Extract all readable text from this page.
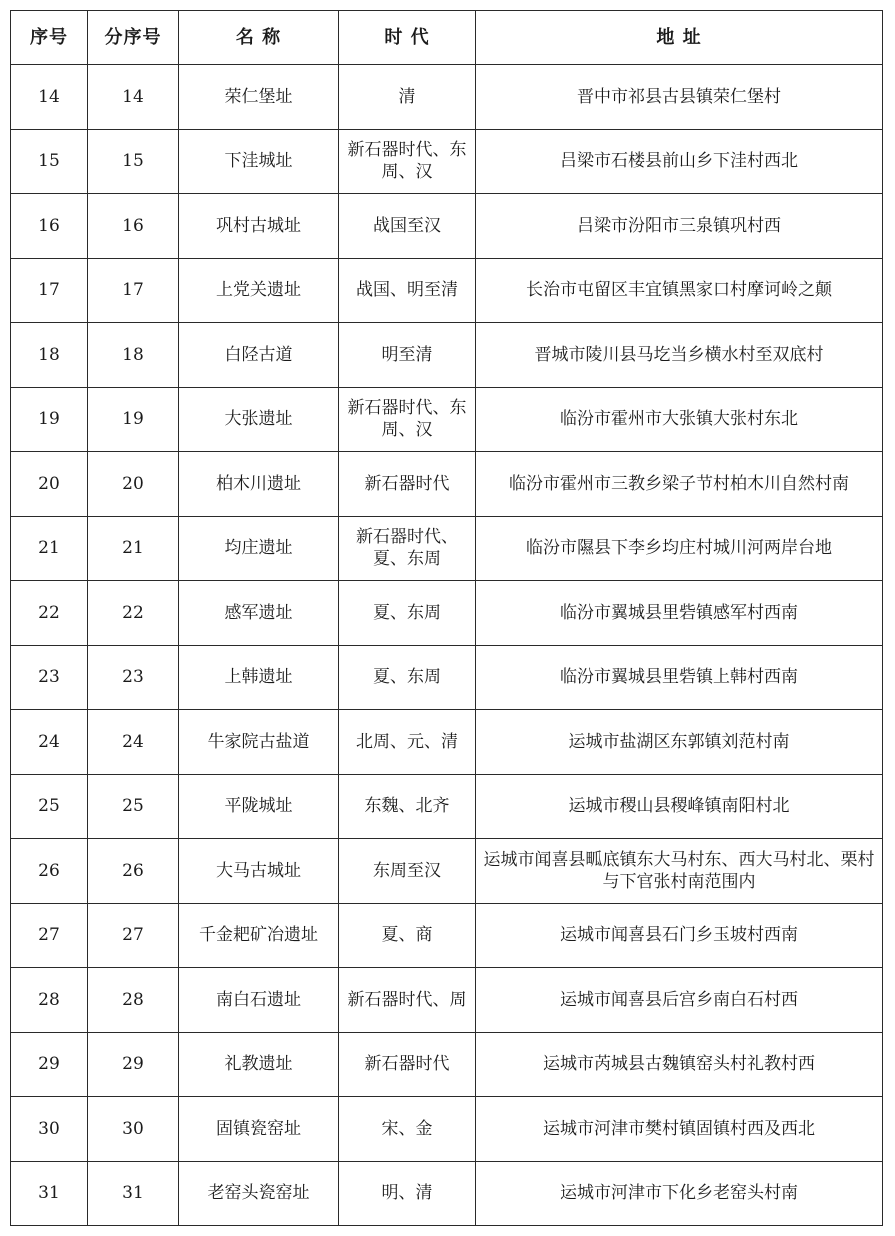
序号	分序号	名 称	时 代	地 址
14	14	荣仁堡址	清	晋中市祁县古县镇荣仁堡村
15	15	下洼城址	新石器时代、东周、汉	吕梁市石楼县前山乡下洼村西北
16	16	巩村古城址	战国至汉	吕梁市汾阳市三泉镇巩村西
17	17	上党关遗址	战国、明至清	长治市屯留区丰宜镇黑家口村摩诃岭之颠
18	18	白陉古道	明至清	晋城市陵川县马圪当乡横水村至双底村
19	19	大张遗址	新石器时代、东周、汉	临汾市霍州市大张镇大张村东北
20	20	柏木川遗址	新石器时代	临汾市霍州市三教乡梁子节村柏木川自然村南
21	21	均庄遗址	新石器时代、夏、东周	临汾市隰县下李乡均庄村城川河两岸台地
22	22	感军遗址	夏、东周	临汾市翼城县里砦镇感军村西南
23	23	上韩遗址	夏、东周	临汾市翼城县里砦镇上韩村西南
24	24	牛家院古盐道	北周、元、清	运城市盐湖区东郭镇刘范村南
25	25	平陇城址	东魏、北齐	运城市稷山县稷峰镇南阳村北
26	26	大马古城址	东周至汉	运城市闻喜县畖底镇东大马村东、西大马村北、栗村与下官张村南范围内
27	27	千金耙矿冶遗址	夏、商	运城市闻喜县石门乡玉坡村西南
28	28	南白石遗址	新石器时代、周	运城市闻喜县后宫乡南白石村西
29	29	礼教遗址	新石器时代	运城市芮城县古魏镇窑头村礼教村西
30	30	固镇瓷窑址	宋、金	运城市河津市樊村镇固镇村西及西北
31	31	老窑头瓷窑址	明、清	运城市河津市下化乡老窑头村南
